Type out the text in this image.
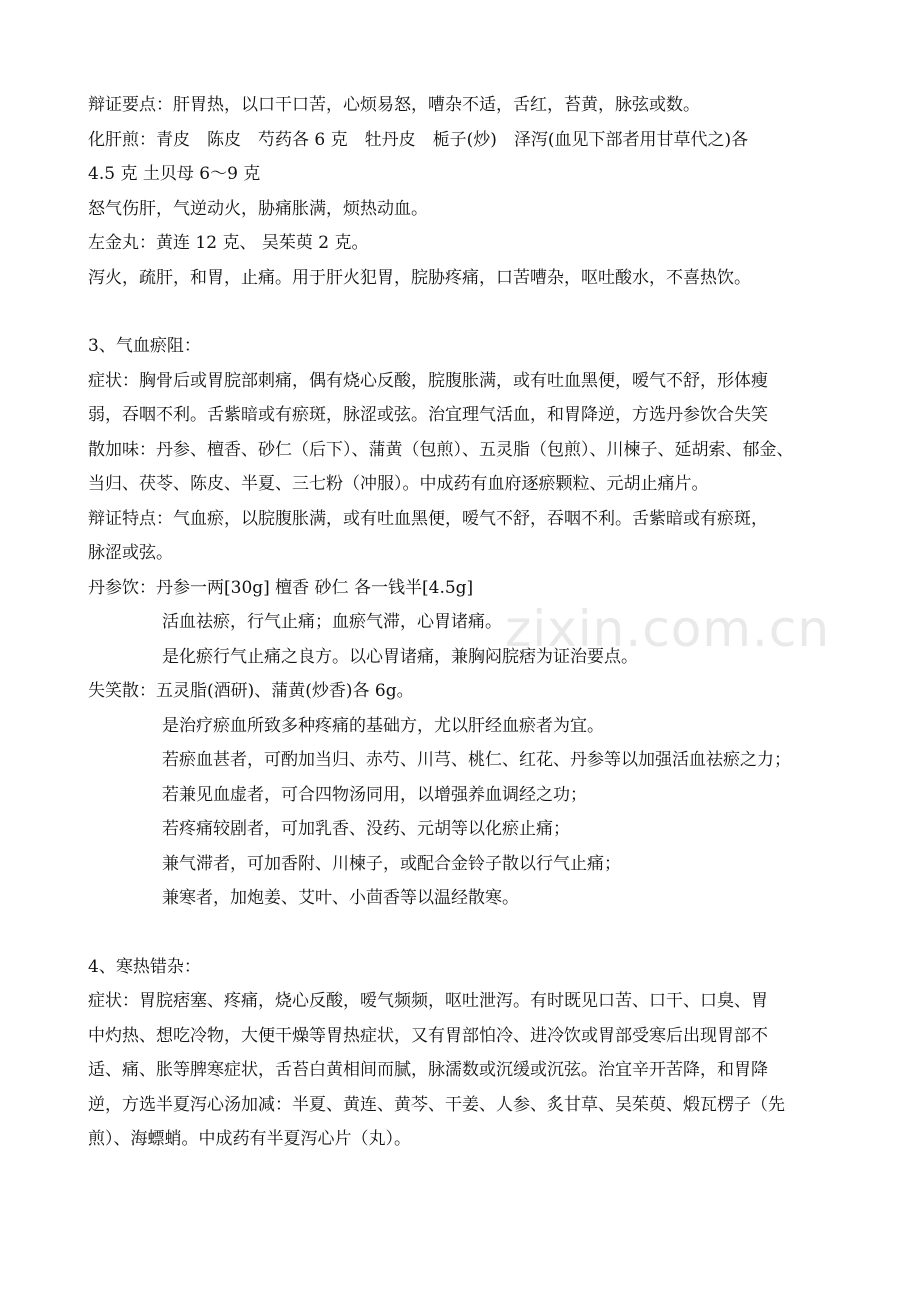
zixin.com.cn

辩证要点：肝胃热，以口干口苦，心烦易怒，嘈杂不适，舌红，苔黄，脉弦或数。

化肝煎：青皮　陈皮　芍药各 6 克　牡丹皮　栀子(炒)　泽泻(血见下部者用甘草代之)各

4.5 克 土贝母 6～9 克

怒气伤肝，气逆动火，胁痛胀满，烦热动血。

左金丸：黄连 12 克、 吴茱萸 2 克。

泻火，疏肝，和胃，止痛。用于肝火犯胃，脘胁疼痛，口苦嘈杂，呕吐酸水，不喜热饮。

3、气血瘀阻：

症状：胸骨后或胃脘部刺痛，偶有烧心反酸，脘腹胀满，或有吐血黑便，嗳气不舒，形体瘦

弱，吞咽不利。舌紫暗或有瘀斑，脉涩或弦。治宜理气活血，和胃降逆，方选丹参饮合失笑

散加味：丹参、檀香、砂仁（后下）、蒲黄（包煎）、五灵脂（包煎）、川楝子、延胡索、郁金、

当归、茯苓、陈皮、半夏、三七粉（冲服）。中成药有血府逐瘀颗粒、元胡止痛片。

辩证特点：气血瘀，以脘腹胀满，或有吐血黑便，嗳气不舒，吞咽不利。舌紫暗或有瘀斑，

脉涩或弦。

丹参饮：丹参一两[30g] 檀香 砂仁 各一钱半[4.5g]

活血祛瘀，行气止痛；血瘀气滞，心胃诸痛。

是化瘀行气止痛之良方。以心胃诸痛，兼胸闷脘痞为证治要点。

失笑散：五灵脂(酒研)、蒲黄(炒香)各 6g。

是治疗瘀血所致多种疼痛的基础方，尤以肝经血瘀者为宜。

若瘀血甚者，可酌加当归、赤芍、川芎、桃仁、红花、丹参等以加强活血祛瘀之力；

若兼见血虚者，可合四物汤同用，以增强养血调经之功；

若疼痛较剧者，可加乳香、没药、元胡等以化瘀止痛；

兼气滞者，可加香附、川楝子，或配合金铃子散以行气止痛；

兼寒者，加炮姜、艾叶、小茴香等以温经散寒。

4、寒热错杂：

症状：胃脘痞塞、疼痛，烧心反酸，嗳气频频，呕吐泄泻。有时既见口苦、口干、口臭、胃

中灼热、想吃冷物，大便干燥等胃热症状，又有胃部怕冷、进冷饮或胃部受寒后出现胃部不

适、痛、胀等脾寒症状，舌苔白黄相间而腻，脉濡数或沉缓或沉弦。治宜辛开苦降，和胃降

逆，方选半夏泻心汤加减：半夏、黄连、黄芩、干姜、人参、炙甘草、吴茱萸、煅瓦楞子（先

煎）、海螵蛸。中成药有半夏泻心片（丸）。
